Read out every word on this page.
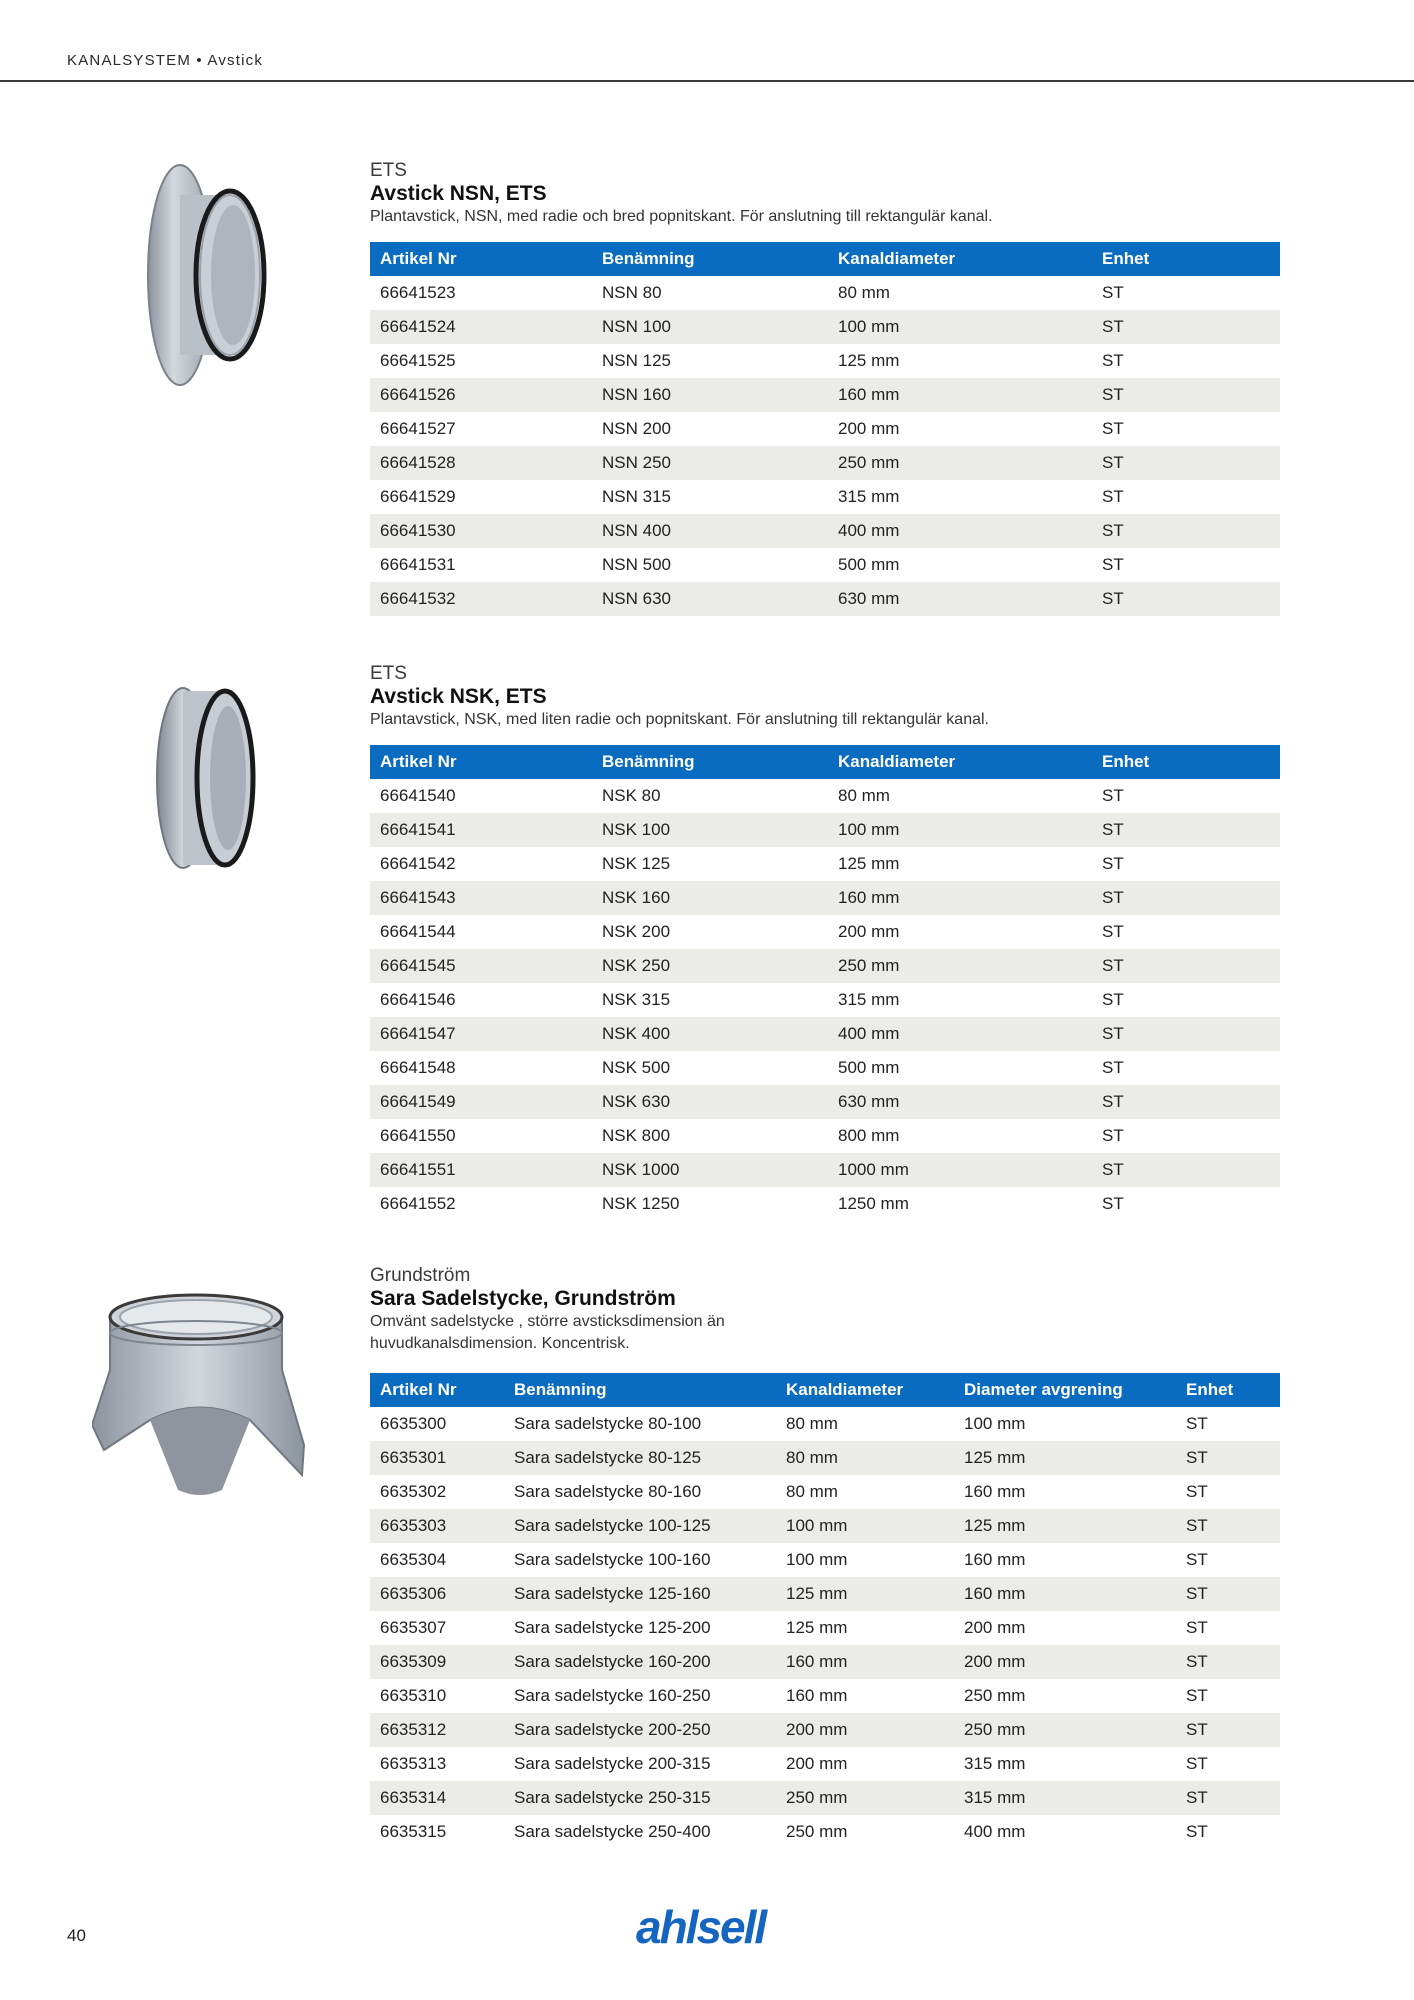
KANALSYSTEM • Avstick
ETS
Avstick NSN, ETS
Plantavstick, NSN, med radie och bred popnitskant. För anslutning till rektangulär kanal.
Artikel Nr	Benämning	Kanaldiameter	Enhet
66641523	NSN 80	80 mm	ST
66641524	NSN 100	100 mm	ST
66641525	NSN 125	125 mm	ST
66641526	NSN 160	160 mm	ST
66641527	NSN 200	200 mm	ST
66641528	NSN 250	250 mm	ST
66641529	NSN 315	315 mm	ST
66641530	NSN 400	400 mm	ST
66641531	NSN 500	500 mm	ST
66641532	NSN 630	630 mm	ST
ETS
Avstick NSK, ETS
Plantavstick, NSK, med liten radie och popnitskant. För anslutning till rektangulär kanal.
Artikel Nr	Benämning	Kanaldiameter	Enhet
66641540	NSK 80	80 mm	ST
66641541	NSK 100	100 mm	ST
66641542	NSK 125	125 mm	ST
66641543	NSK 160	160 mm	ST
66641544	NSK 200	200 mm	ST
66641545	NSK 250	250 mm	ST
66641546	NSK 315	315 mm	ST
66641547	NSK 400	400 mm	ST
66641548	NSK 500	500 mm	ST
66641549	NSK 630	630 mm	ST
66641550	NSK 800	800 mm	ST
66641551	NSK 1000	1000 mm	ST
66641552	NSK 1250	1250 mm	ST
Grundström
Sara Sadelstycke, Grundström
Omvänt sadelstycke , större avsticksdimension än
huvudkanalsdimension. Koncentrisk.
Artikel Nr	Benämning	Kanaldiameter	Diameter avgrening	Enhet
6635300	Sara sadelstycke 80-100	80 mm	100 mm	ST
6635301	Sara sadelstycke 80-125	80 mm	125 mm	ST
6635302	Sara sadelstycke 80-160	80 mm	160 mm	ST
6635303	Sara sadelstycke 100-125	100 mm	125 mm	ST
6635304	Sara sadelstycke 100-160	100 mm	160 mm	ST
6635306	Sara sadelstycke 125-160	125 mm	160 mm	ST
6635307	Sara sadelstycke 125-200	125 mm	200 mm	ST
6635309	Sara sadelstycke 160-200	160 mm	200 mm	ST
6635310	Sara sadelstycke 160-250	160 mm	250 mm	ST
6635312	Sara sadelstycke 200-250	200 mm	250 mm	ST
6635313	Sara sadelstycke 200-315	200 mm	315 mm	ST
6635314	Sara sadelstycke 250-315	250 mm	315 mm	ST
6635315	Sara sadelstycke 250-400	250 mm	400 mm	ST
40	ahlsell
